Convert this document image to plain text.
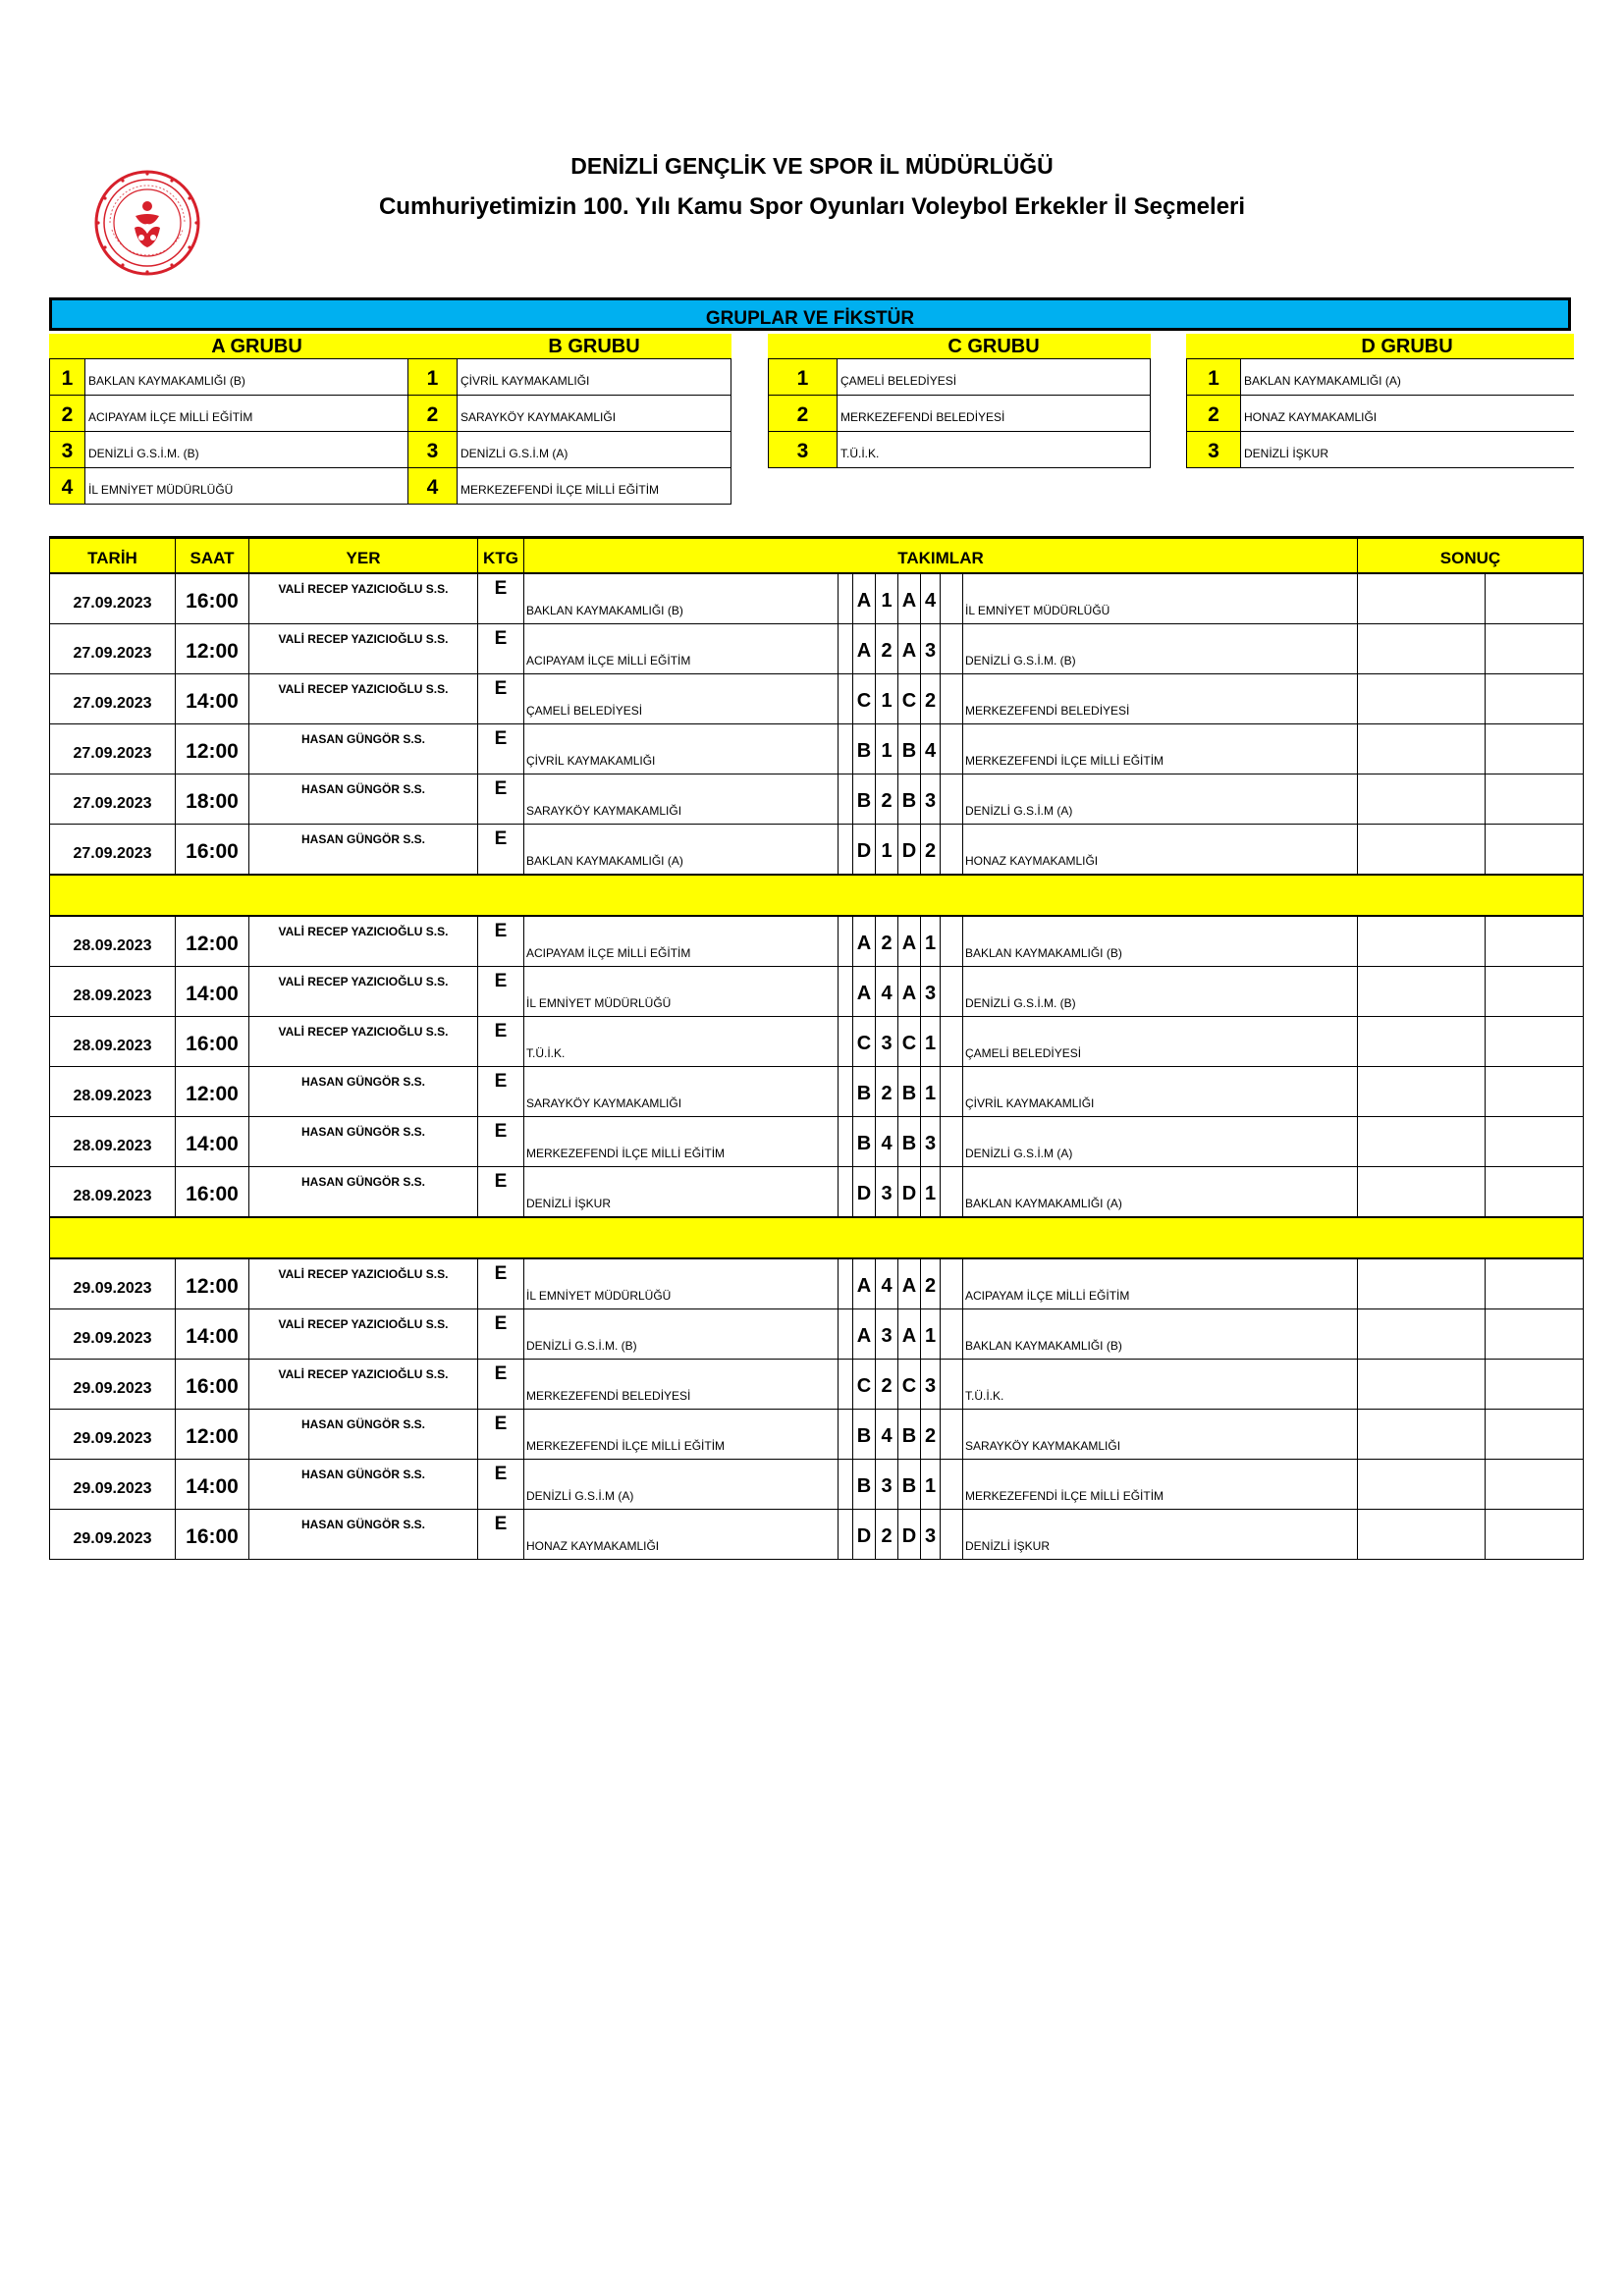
DENİZLİ GENÇLİK VE SPOR İL MÜDÜRLÜĞÜ
Cumhuriyetimizin 100. Yılı Kamu Spor Oyunları Voleybol Erkekler İl Seçmeleri
GRUPLAR VE FİKSTÜR
A GRUBU
1	BAKLAN KAYMAKAMLIĞI (B)
2	ACIPAYAM İLÇE MİLLİ EĞİTİM
3	DENİZLİ G.S.İ.M. (B)
4	İL EMNİYET MÜDÜRLÜĞÜ
B GRUBU
1	ÇİVRİL KAYMAKAMLIĞI
2	SARAYKÖY KAYMAKAMLIĞI
3	DENİZLİ G.S.İ.M (A)
4	MERKEZEFENDİ İLÇE MİLLİ EĞİTİM
C GRUBU
1	ÇAMELİ BELEDİYESİ
2	MERKEZEFENDİ BELEDİYESİ
3	T.Ü.İ.K.
D GRUBU
1	BAKLAN KAYMAKAMLIĞI (A)
2	HONAZ KAYMAKAMLIĞI
3	DENİZLİ İŞKUR
TARİH	SAAT	YER	KTG	TAKIMLAR								SONUÇ	
27.09.2023	16:00	VALİ RECEP YAZICIOĞLU S.S.	E	BAKLAN KAYMAKAMLIĞI (B)		A	1	A	4		İL EMNİYET MÜDÜRLÜĞÜ		
27.09.2023	12:00	VALİ RECEP YAZICIOĞLU S.S.	E	ACIPAYAM İLÇE MİLLİ EĞİTİM		A	2	A	3		DENİZLİ G.S.İ.M. (B)		
27.09.2023	14:00	VALİ RECEP YAZICIOĞLU S.S.	E	ÇAMELİ BELEDİYESİ		C	1	C	2		MERKEZEFENDİ BELEDİYESİ		
27.09.2023	12:00	HASAN GÜNGÖR S.S.	E	ÇİVRİL KAYMAKAMLIĞI		B	1	B	4		MERKEZEFENDİ İLÇE MİLLİ EĞİTİM		
27.09.2023	18:00	HASAN GÜNGÖR S.S.	E	SARAYKÖY KAYMAKAMLIĞI		B	2	B	3		DENİZLİ G.S.İ.M (A)		
27.09.2023	16:00	HASAN GÜNGÖR S.S.	E	BAKLAN KAYMAKAMLIĞI (A)		D	1	D	2		HONAZ KAYMAKAMLIĞI		

28.09.2023	12:00	VALİ RECEP YAZICIOĞLU S.S.	E	ACIPAYAM İLÇE MİLLİ EĞİTİM		A	2	A	1		BAKLAN KAYMAKAMLIĞI (B)		
28.09.2023	14:00	VALİ RECEP YAZICIOĞLU S.S.	E	İL EMNİYET MÜDÜRLÜĞÜ		A	4	A	3		DENİZLİ G.S.İ.M. (B)		
28.09.2023	16:00	VALİ RECEP YAZICIOĞLU S.S.	E	T.Ü.İ.K.		C	3	C	1		ÇAMELİ BELEDİYESİ		
28.09.2023	12:00	HASAN GÜNGÖR S.S.	E	SARAYKÖY KAYMAKAMLIĞI		B	2	B	1		ÇİVRİL KAYMAKAMLIĞI		
28.09.2023	14:00	HASAN GÜNGÖR S.S.	E	MERKEZEFENDİ İLÇE MİLLİ EĞİTİM		B	4	B	3		DENİZLİ G.S.İ.M (A)		
28.09.2023	16:00	HASAN GÜNGÖR S.S.	E	DENİZLİ İŞKUR		D	3	D	1		BAKLAN KAYMAKAMLIĞI (A)		

29.09.2023	12:00	VALİ RECEP YAZICIOĞLU S.S.	E	İL EMNİYET MÜDÜRLÜĞÜ		A	4	A	2		ACIPAYAM İLÇE MİLLİ EĞİTİM		
29.09.2023	14:00	VALİ RECEP YAZICIOĞLU S.S.	E	DENİZLİ G.S.İ.M. (B)		A	3	A	1		BAKLAN KAYMAKAMLIĞI (B)		
29.09.2023	16:00	VALİ RECEP YAZICIOĞLU S.S.	E	MERKEZEFENDİ BELEDİYESİ		C	2	C	3		T.Ü.İ.K.		
29.09.2023	12:00	HASAN GÜNGÖR S.S.	E	MERKEZEFENDİ İLÇE MİLLİ EĞİTİM		B	4	B	2		SARAYKÖY KAYMAKAMLIĞI		
29.09.2023	14:00	HASAN GÜNGÖR S.S.	E	DENİZLİ G.S.İ.M (A)		B	3	B	1		MERKEZEFENDİ İLÇE MİLLİ EĞİTİM		
29.09.2023	16:00	HASAN GÜNGÖR S.S.	E	HONAZ KAYMAKAMLIĞI		D	2	D	3		DENİZLİ İŞKUR		
